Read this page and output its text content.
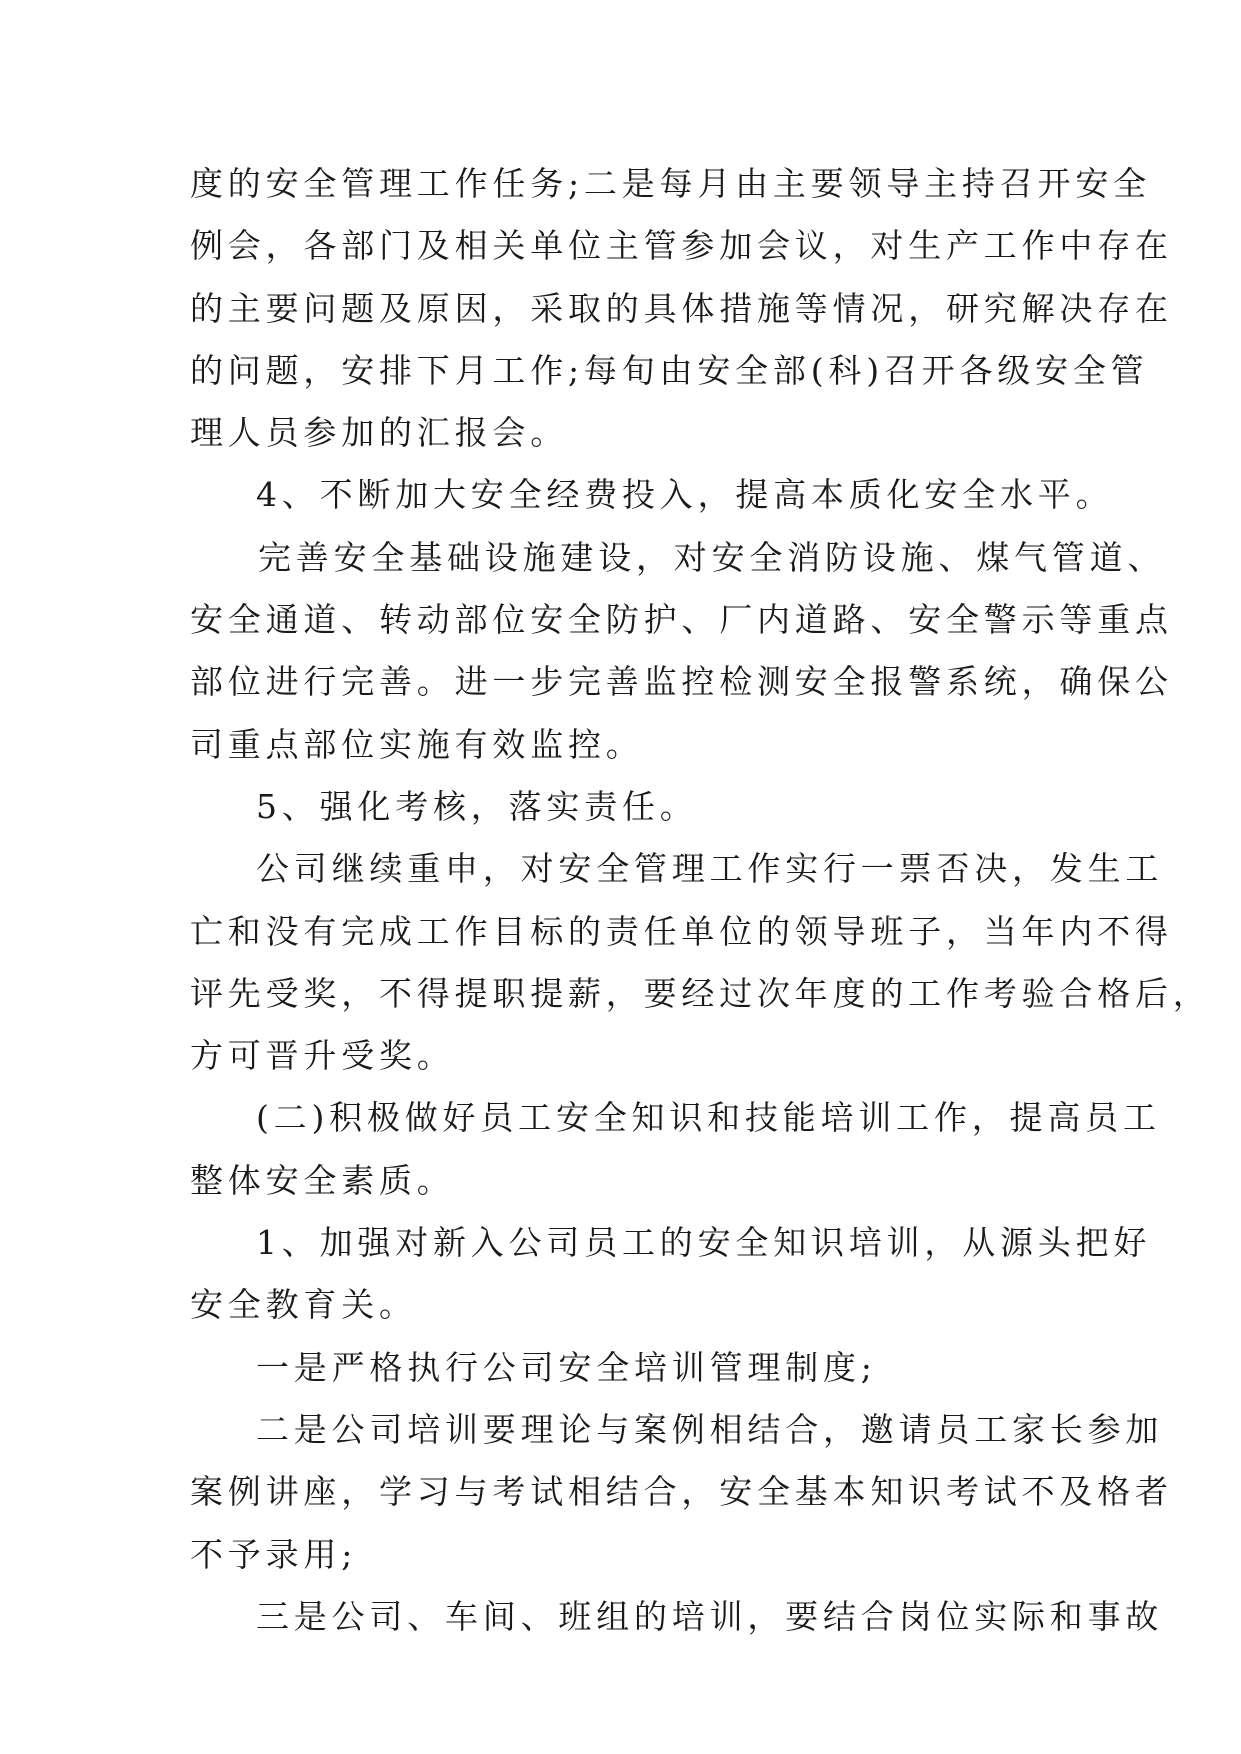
度的安全管理工作任务;二是每月由主要领导主持召开安全
例会，各部门及相关单位主管参加会议，对生产工作中存在
的主要问题及原因，采取的具体措施等情况，研究解决存在
的问题，安排下月工作;每旬由安全部(科)召开各级安全管
理人员参加的汇报会。
4、不断加大安全经费投入，提高本质化安全水平。
完善安全基础设施建设，对安全消防设施、煤气管道、
安全通道、转动部位安全防护、厂内道路、安全警示等重点
部位进行完善。进一步完善监控检测安全报警系统，确保公
司重点部位实施有效监控。
5、强化考核，落实责任。
公司继续重申，对安全管理工作实行一票否决，发生工
亡和没有完成工作目标的责任单位的领导班子，当年内不得
评先受奖，不得提职提薪，要经过次年度的工作考验合格后，
方可晋升受奖。
(二)积极做好员工安全知识和技能培训工作，提高员工
整体安全素质。
1、加强对新入公司员工的安全知识培训，从源头把好
安全教育关。
一是严格执行公司安全培训管理制度;
二是公司培训要理论与案例相结合，邀请员工家长参加
案例讲座，学习与考试相结合，安全基本知识考试不及格者
不予录用;
三是公司、车间、班组的培训，要结合岗位实际和事故
